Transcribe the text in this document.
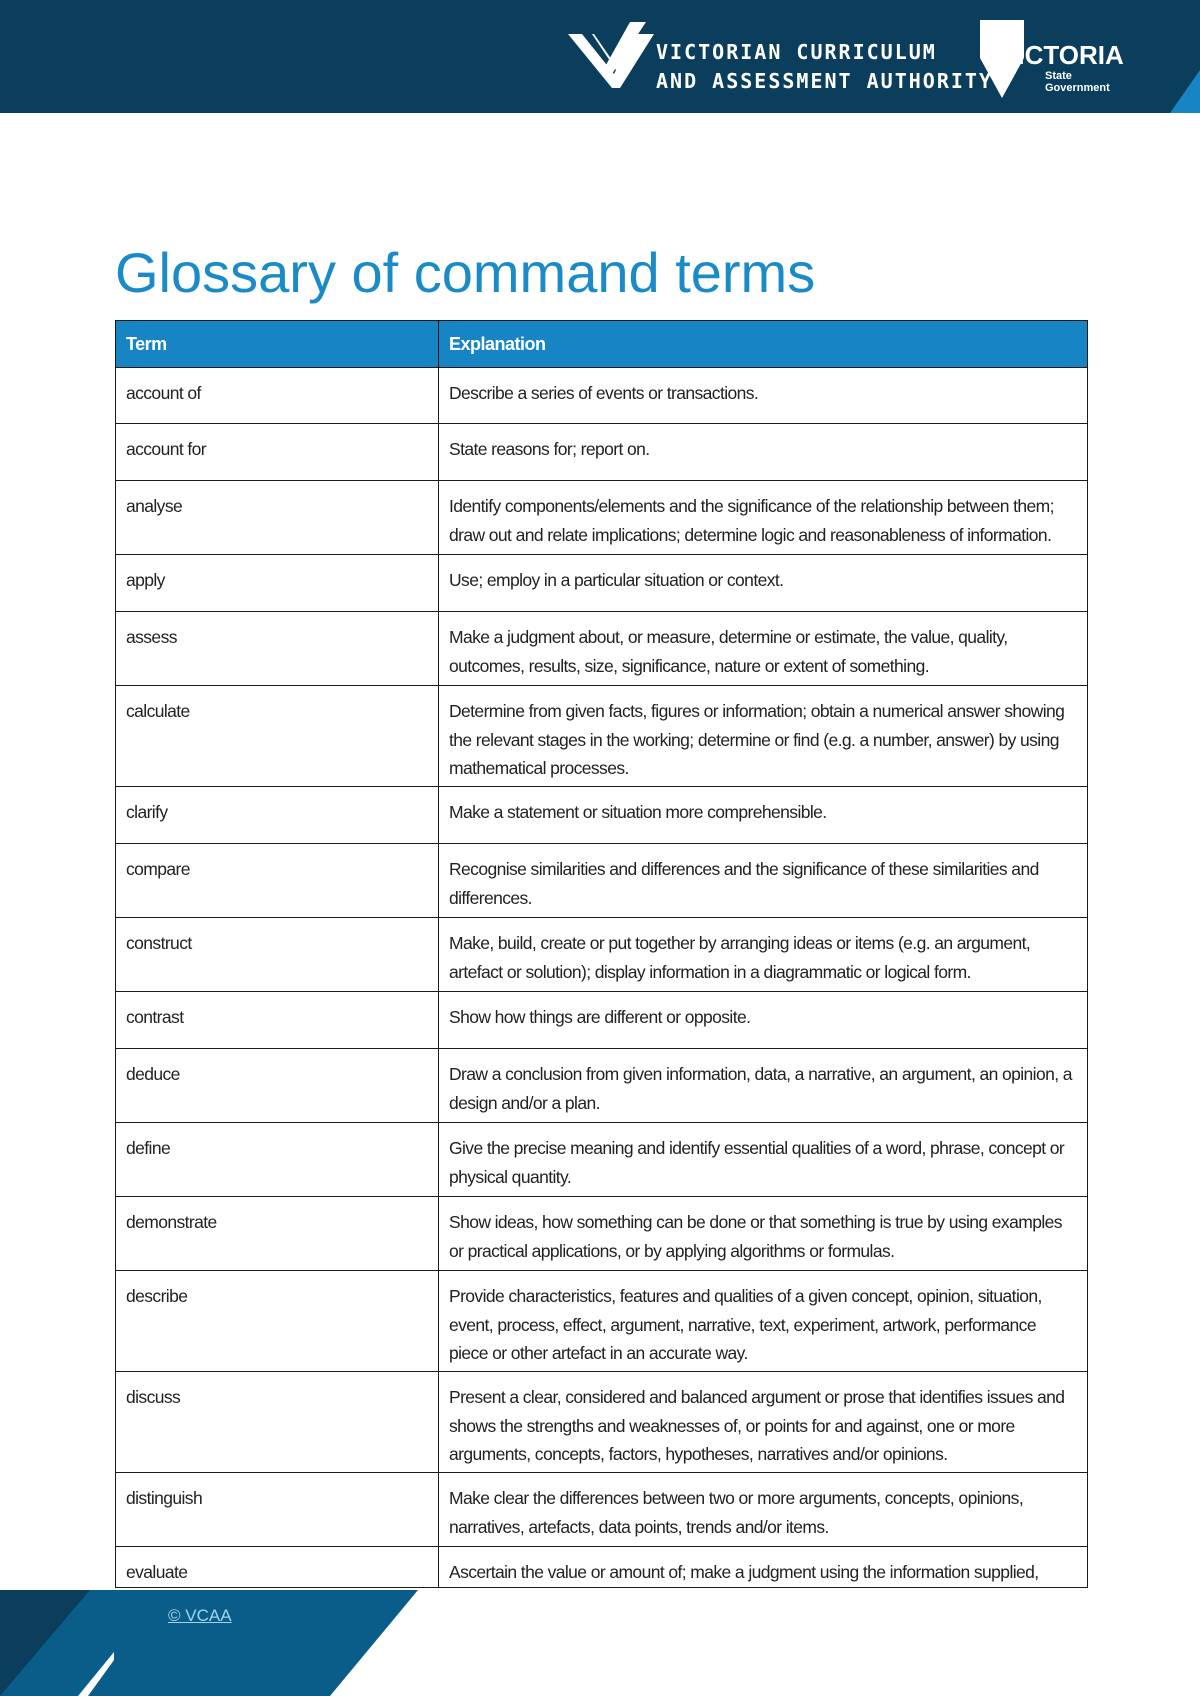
VICTORIAN CURRICULUM
AND ASSESSMENT AUTHORITY
VICTORIA
State
Government
Glossary of command terms
Term	Explanation
account of	Describe a series of events or transactions.
account for	State reasons for; report on.
analyse	Identify components/elements and the significance of the relationship between them; draw out and relate implications; determine logic and reasonableness of information.
apply	Use; employ in a particular situation or context.
assess	Make a judgment about, or measure, determine or estimate, the value, quality, outcomes, results, size, significance, nature or extent of something.
calculate	Determine from given facts, figures or information; obtain a numerical answer showing the relevant stages in the working; determine or find (e.g. a number, answer) by using mathematical processes.
clarify	Make a statement or situation more comprehensible.
compare	Recognise similarities and differences and the significance of these similarities and differences.
construct	Make, build, create or put together by arranging ideas or items (e.g. an argument, artefact or solution); display information in a diagrammatic or logical form.
contrast	Show how things are different or opposite.
deduce	Draw a conclusion from given information, data, a narrative, an argument, an opinion, a design and/or a plan.
define	Give the precise meaning and identify essential qualities of a word, phrase, concept or physical quantity.
demonstrate	Show ideas, how something can be done or that something is true by using examples or practical applications, or by applying algorithms or formulas.
describe	Provide characteristics, features and qualities of a given concept, opinion, situation, event, process, effect, argument, narrative, text, experiment, artwork, performance piece or other artefact in an accurate way.
discuss	Present a clear, considered and balanced argument or prose that identifies issues and shows the strengths and weaknesses of, or points for and against, one or more arguments, concepts, factors, hypotheses, narratives and/or opinions.
distinguish	Make clear the differences between two or more arguments, concepts, opinions, narratives, artefacts, data points, trends and/or items.
evaluate	Ascertain the value or amount of; make a judgment using the information supplied,
© VCAA
